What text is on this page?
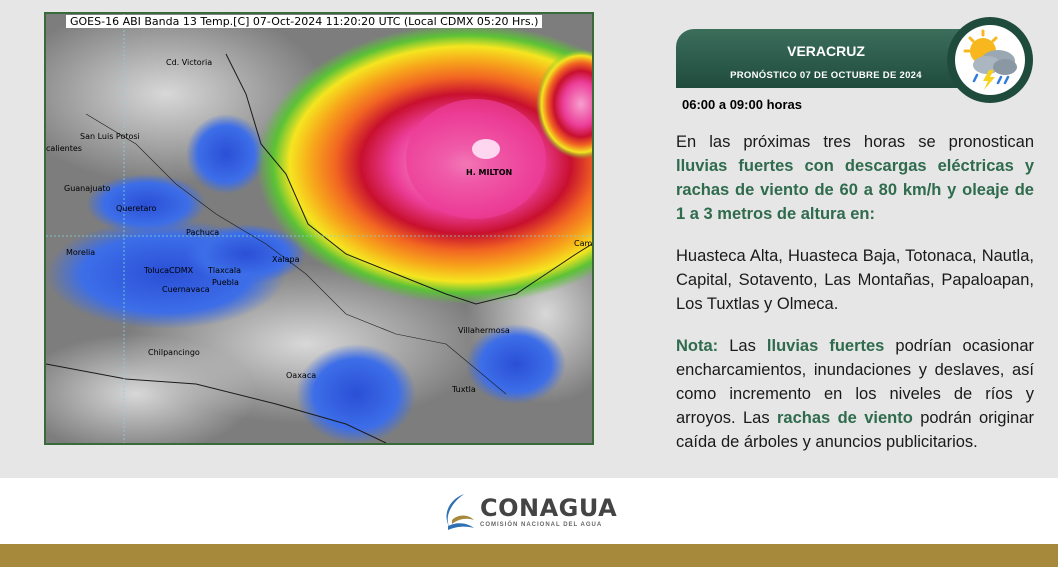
GOES-16 ABI Banda 13 Temp.[C] 07-Oct-2024 11:20:20 UTC (Local CDMX 05:20 Hrs.)
Cd. Victoria
San Luis Potosi
calientes
Guanajuato
Queretaro
Pachuca
Morelia
TolucaCDMX Tlaxcala
Puebla
Cuernavaca
Xalapa
H. MILTON
Villahermosa
Chilpancingo
Oaxaca
Tuxtla
Cam
VERACRUZ
PRONÓSTICO 07 DE OCTUBRE DE 2024
06:00 a 09:00 horas
En las próximas tres horas se pronostican lluvias fuertes con descargas eléctricas y rachas de viento de 60 a 80 km/h y oleaje de 1 a 3 metros de altura en:
Huasteca Alta, Huasteca Baja, Totonaca, Nautla, Capital, Sotavento, Las Montañas, Papaloapan, Los Tuxtlas y Olmeca.
Nota: Las lluvias fuertes podrían ocasionar encharcamientos, inundaciones y deslaves, así como incremento en los niveles de ríos y arroyos. Las rachas de viento podrán originar caída de árboles y anuncios publicitarios.
CONAGUA
COMISIÓN NACIONAL DEL AGUA
